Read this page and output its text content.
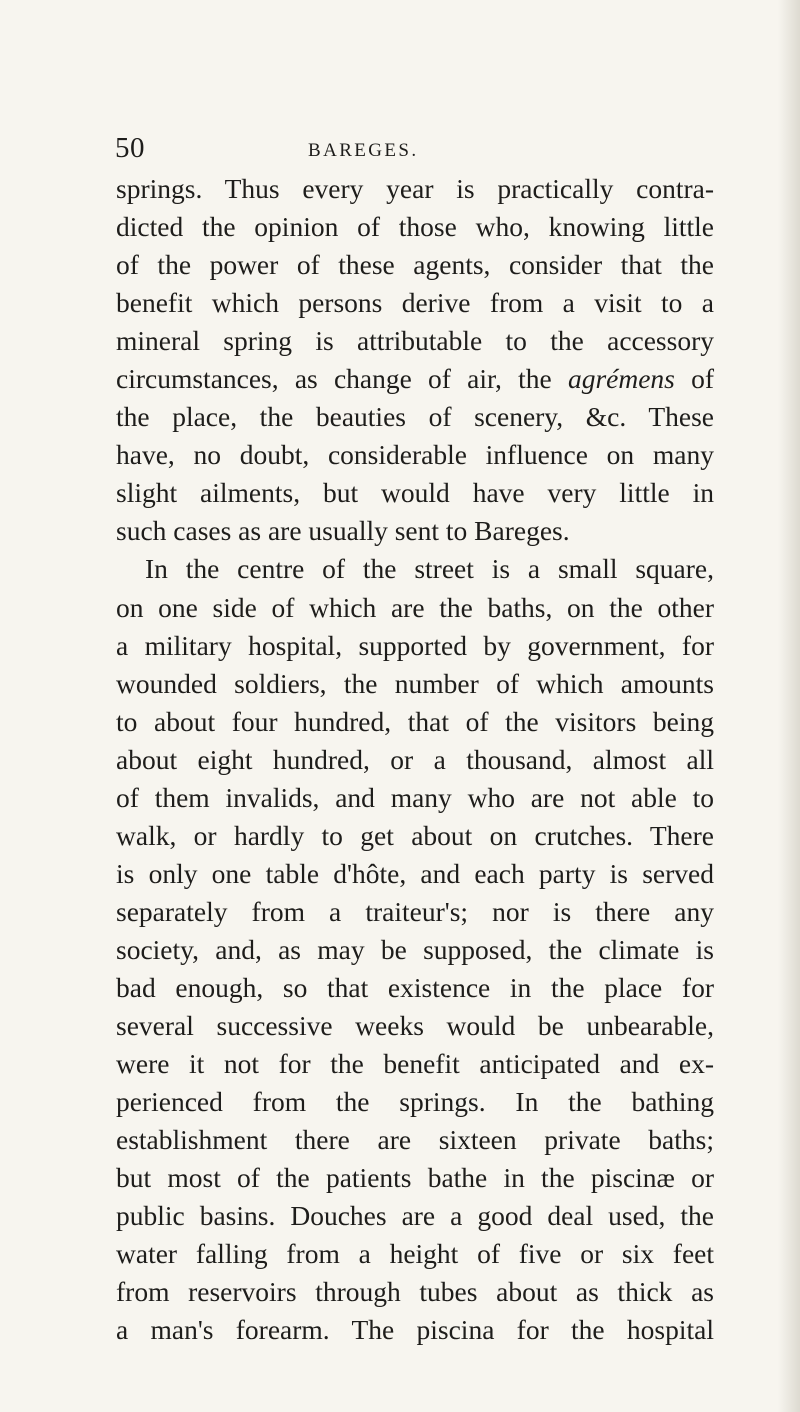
50	BAREGES.
springs. Thus every year is practically contra-
dicted the opinion of those who, knowing little
of the power of these agents, consider that the
benefit which persons derive from a visit to a
mineral spring is attributable to the accessory
circumstances, as change of air, the agrémens of
the place, the beauties of scenery, &c. These
have, no doubt, considerable influence on many
slight ailments, but would have very little in
such cases as are usually sent to Bareges.
In the centre of the street is a small square,
on one side of which are the baths, on the other
a military hospital, supported by government, for
wounded soldiers, the number of which amounts
to about four hundred, that of the visitors being
about eight hundred, or a thousand, almost all
of them invalids, and many who are not able to
walk, or hardly to get about on crutches. There
is only one table d'hôte, and each party is served
separately from a traiteur's; nor is there any
society, and, as may be supposed, the climate is
bad enough, so that existence in the place for
several successive weeks would be unbearable,
were it not for the benefit anticipated and ex-
perienced from the springs. In the bathing
establishment there are sixteen private baths;
but most of the patients bathe in the piscinæ or
public basins. Douches are a good deal used, the
water falling from a height of five or six feet
from reservoirs through tubes about as thick as
a man's forearm. The piscina for the hospital
